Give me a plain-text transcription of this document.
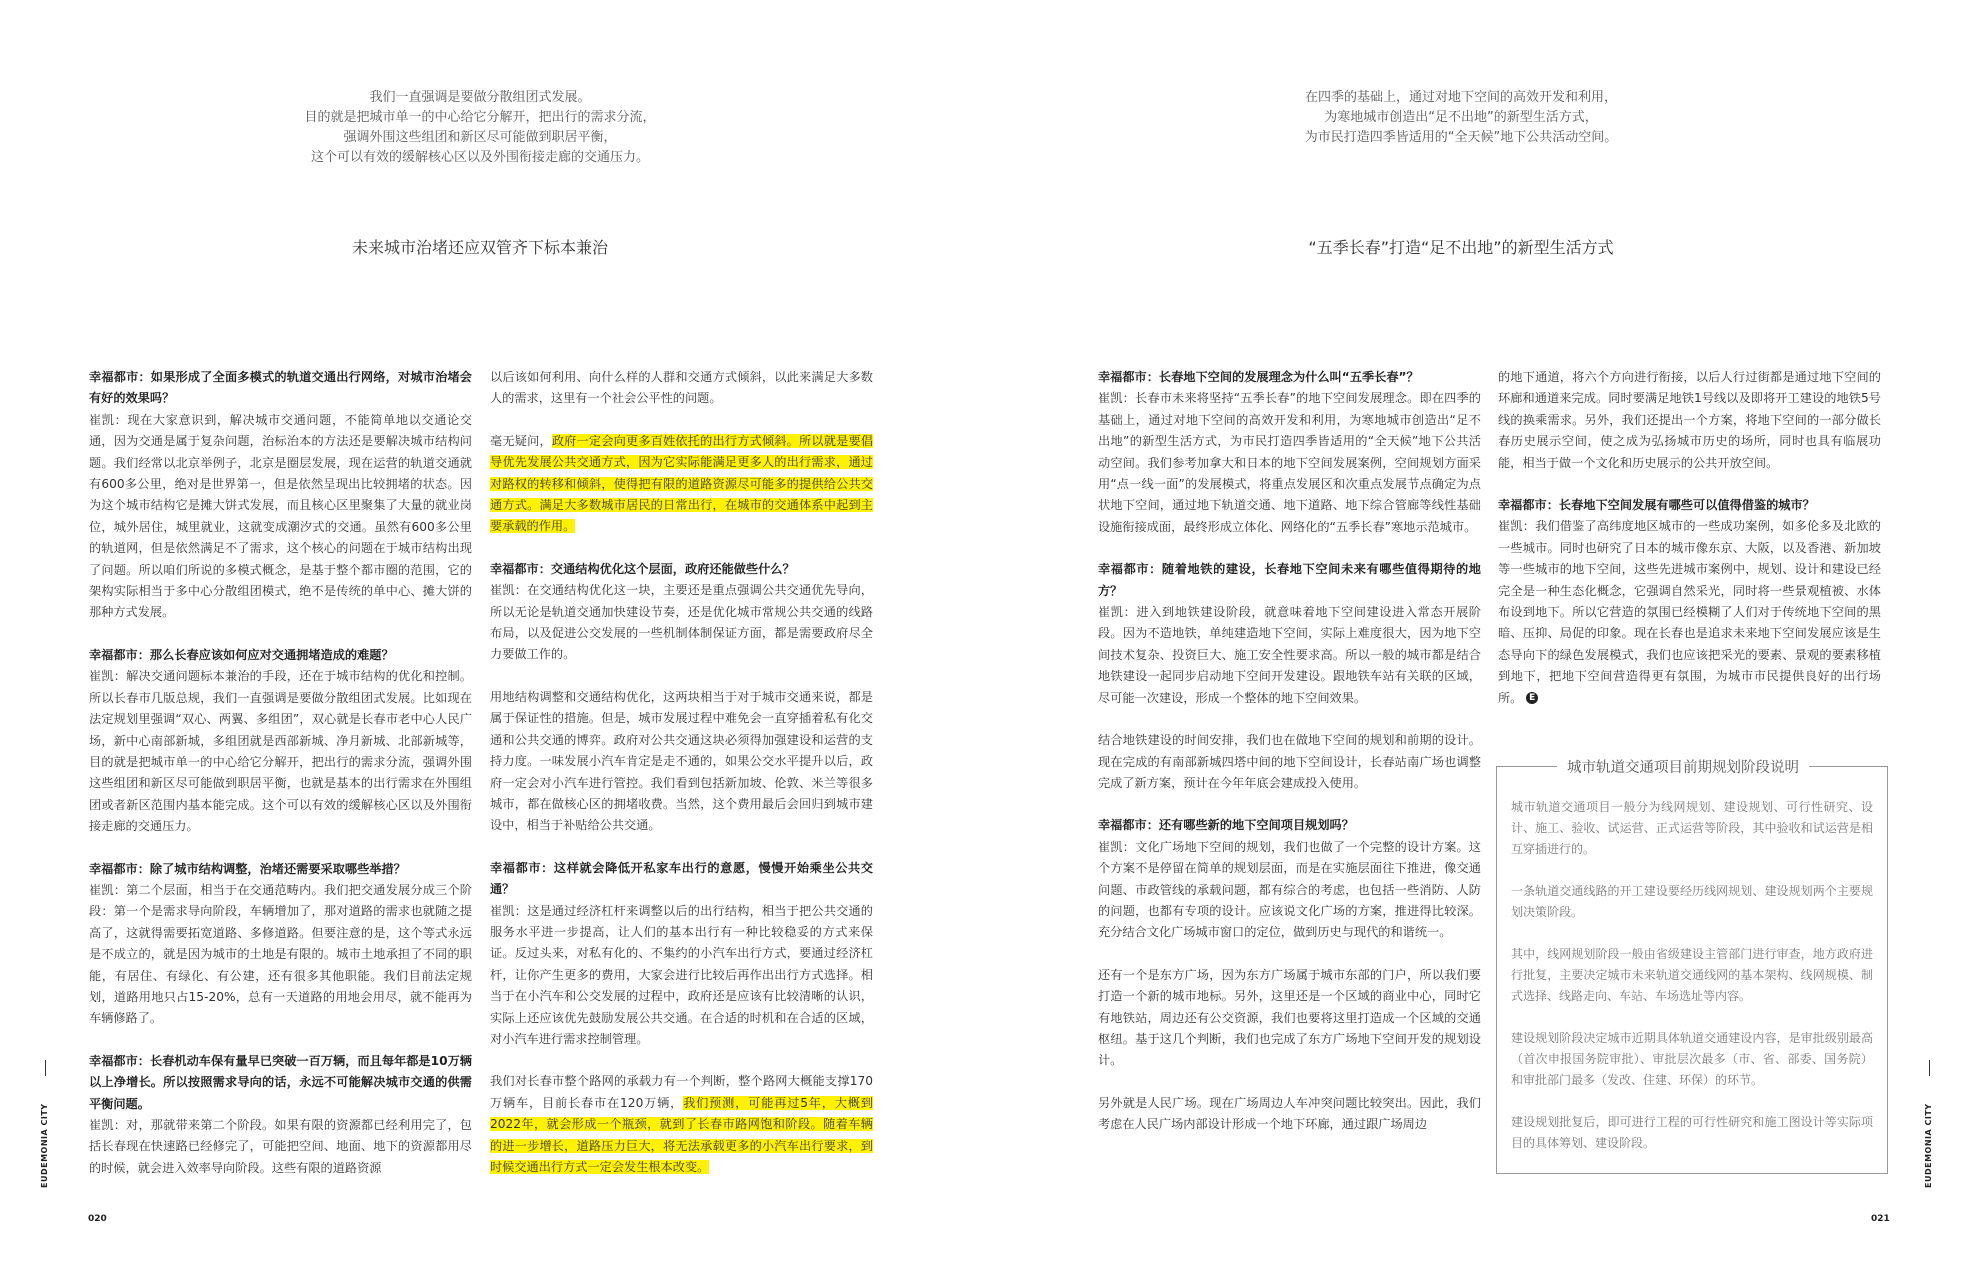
我们一直强调是要做分散组团式发展。

目的就是把城市单一的中心给它分解开，把出行的需求分流，

强调外围这些组团和新区尽可能做到职居平衡，

这个可以有效的缓解核心区以及外围衔接走廊的交通压力。

未来城市治堵还应双管齐下标本兼治

幸福都市：如果形成了全面多模式的轨道交通出行网络，对城市治堵会有好的效果吗？
崔凯：现在大家意识到，解决城市交通问题，不能简单地以交通论交通，因为交通是属于复杂问题，治标治本的方法还是要解决城市结构问题。我们经常以北京举例子，北京是圈层发展，现在运营的轨道交通就有600多公里，绝对是世界第一，但是依然呈现出比较拥堵的状态。因为这个城市结构它是摊大饼式发展，而且核心区里聚集了大量的就业岗位，城外居住，城里就业，这就变成潮汐式的交通。虽然有600多公里的轨道网，但是依然满足不了需求，这个核心的问题在于城市结构出现了问题。所以咱们所说的多模式概念，是基于整个都市圈的范围，它的架构实际相当于多中心分散组团模式，绝不是传统的单中心、摊大饼的那种方式发展。

幸福都市：那么长春应该如何应对交通拥堵造成的难题？
崔凯：解决交通问题标本兼治的手段，还在于城市结构的优化和控制。所以长春市几版总规，我们一直强调是要做分散组团式发展。比如现在法定规划里强调“双心、两翼、多组团”，双心就是长春市老中心人民广场，新中心南部新城，多组团就是西部新城、净月新城、北部新城等，目的就是把城市单一的中心给它分解开，把出行的需求分流，强调外围这些组团和新区尽可能做到职居平衡，也就是基本的出行需求在外围组团或者新区范围内基本能完成。这个可以有效的缓解核心区以及外围衔接走廊的交通压力。

幸福都市：除了城市结构调整，治堵还需要采取哪些举措？
崔凯：第二个层面，相当于在交通范畴内。我们把交通发展分成三个阶段：第一个是需求导向阶段，车辆增加了，那对道路的需求也就随之提高了，这就得需要拓宽道路、多修道路。但要注意的是，这个等式永远是不成立的，就是因为城市的土地是有限的。城市土地承担了不同的职能，有居住、有绿化、有公建，还有很多其他职能。我们目前法定规划，道路用地只占15-20%，总有一天道路的用地会用尽，就不能再为车辆修路了。

幸福都市：长春机动车保有量早已突破一百万辆，而且每年都是10万辆以上净增长。所以按照需求导向的话，永远不可能解决城市交通的供需平衡问题。
崔凯：对，那就带来第二个阶段。如果有限的资源都已经利用完了，包括长春现在快速路已经修完了，可能把空间、地面、地下的资源都用尽的时候，就会进入效率导向阶段。这些有限的道路资源

以后该如何利用、向什么样的人群和交通方式倾斜，以此来满足大多数人的需求，这里有一个社会公平性的问题。

毫无疑问，政府一定会向更多百姓依托的出行方式倾斜。所以就是要倡导优先发展公共交通方式，因为它实际能满足更多人的出行需求，通过对路权的转移和倾斜，使得把有限的道路资源尽可能多的提供给公共交通方式。满足大多数城市居民的日常出行，在城市的交通体系中起到主要承载的作用。

幸福都市：交通结构优化这个层面，政府还能做些什么？
崔凯：在交通结构优化这一块，主要还是重点强调公共交通优先导向，所以无论是轨道交通加快建设节奏，还是优化城市常规公共交通的线路布局，以及促进公交发展的一些机制体制保证方面，都是需要政府尽全力要做工作的。

用地结构调整和交通结构优化，这两块相当于对于城市交通来说，都是属于保证性的措施。但是，城市发展过程中难免会一直穿插着私有化交通和公共交通的博弈。政府对公共交通这块必须得加强建设和运营的支持力度。一味发展小汽车肯定是走不通的，如果公交水平提升以后，政府一定会对小汽车进行管控。我们看到包括新加坡、伦敦、米兰等很多城市，都在做核心区的拥堵收费。当然，这个费用最后会回归到城市建设中，相当于补贴给公共交通。

幸福都市：这样就会降低开私家车出行的意愿，慢慢开始乘坐公共交通？
崔凯：这是通过经济杠杆来调整以后的出行结构，相当于把公共交通的服务水平进一步提高，让人们的基本出行有一种比较稳妥的方式来保证。反过头来，对私有化的、不集约的小汽车出行方式，要通过经济杠杆，让你产生更多的费用，大家会进行比较后再作出出行方式选择。相当于在小汽车和公交发展的过程中，政府还是应该有比较清晰的认识，实际上还应该优先鼓励发展公共交通。在合适的时机和在合适的区域，对小汽车进行需求控制管理。

我们对长春市整个路网的承载力有一个判断，整个路网大概能支撑170万辆车，目前长春市在120万辆，我们预测，可能再过5年，大概到2022年，就会形成一个瓶颈，就到了长春市路网饱和阶段。随着车辆的进一步增长，道路压力巨大，将无法承载更多的小汽车出行要求，到时候交通出行方式一定会发生根本改变。

EUDEMONIA CITY
020

在四季的基础上，通过对地下空间的高效开发和利用，

为寒地城市创造出“足不出地”的新型生活方式，

为市民打造四季皆适用的“全天候”地下公共活动空间。

“五季长春”打造“足不出地”的新型生活方式

幸福都市：长春地下空间的发展理念为什么叫“五季长春”？
崔凯：长春市未来将坚持“五季长春”的地下空间发展理念。即在四季的基础上，通过对地下空间的高效开发和利用，为寒地城市创造出“足不出地”的新型生活方式，为市民打造四季皆适用的“全天候”地下公共活动空间。我们参考加拿大和日本的地下空间发展案例，空间规划方面采用“点一线一面”的发展模式，将重点发展区和次重点发展节点确定为点状地下空间，通过地下轨道交通、地下道路、地下综合管廊等线性基础设施衔接成面，最终形成立体化、网络化的“五季长春”寒地示范城市。

幸福都市：随着地铁的建设，长春地下空间未来有哪些值得期待的地方？
崔凯：进入到地铁建设阶段，就意味着地下空间建设进入常态开展阶段。因为不造地铁，单纯建造地下空间，实际上难度很大，因为地下空间技术复杂、投资巨大、施工安全性要求高。所以一般的城市都是结合地铁建设一起同步启动地下空间开发建设。跟地铁车站有关联的区域，尽可能一次建设，形成一个整体的地下空间效果。

结合地铁建设的时间安排，我们也在做地下空间的规划和前期的设计。现在完成的有南部新城四塔中间的地下空间设计，长春站南广场也调整完成了新方案，预计在今年年底会建成投入使用。

幸福都市：还有哪些新的地下空间项目规划吗？
崔凯：文化广场地下空间的规划，我们也做了一个完整的设计方案。这个方案不是停留在简单的规划层面，而是在实施层面往下推进，像交通问题、市政管线的承载问题，都有综合的考虑，也包括一些消防、人防的问题，也都有专项的设计。应该说文化广场的方案，推进得比较深。充分结合文化广场城市窗口的定位，做到历史与现代的和谐统一。

还有一个是东方广场，因为东方广场属于城市东部的门户，所以我们要打造一个新的城市地标。另外，这里还是一个区域的商业中心，同时它有地铁站，周边还有公交资源，我们也要将这里打造成一个区域的交通枢纽。基于这几个判断，我们也完成了东方广场地下空间开发的规划设计。

另外就是人民广场。现在广场周边人车冲突问题比较突出。因此，我们考虑在人民广场内部设计形成一个地下环廊，通过跟广场周边

的地下通道，将六个方向进行衔接，以后人行过街都是通过地下空间的环廊和通道来完成。同时要满足地铁1号线以及即将开工建设的地铁5号线的换乘需求。另外，我们还提出一个方案，将地下空间的一部分做长春历史展示空间，使之成为弘扬城市历史的场所，同时也具有临展功能，相当于做一个文化和历史展示的公共开放空间。

幸福都市：长春地下空间发展有哪些可以值得借鉴的城市？
崔凯：我们借鉴了高纬度地区城市的一些成功案例，如多伦多及北欧的一些城市。同时也研究了日本的城市像东京、大阪，以及香港、新加坡等一些城市的地下空间，这些先进城市案例中，规划、设计和建设已经完全是一种生态化概念，它强调自然采光，同时将一些景观植被、水体布设到地下。所以它营造的氛围已经模糊了人们对于传统地下空间的黑暗、压抑、局促的印象。现在长春也是追求未来地下空间发展应该是生态导向下的绿色发展模式，我们也应该把采光的要素、景观的要素移植到地下，把地下空间营造得更有氛围，为城市市民提供良好的出行场所。 E

EUDEMONIA CITY
021
城市轨道交通项目前期规划阶段说明

城市轨道交通项目一般分为线网规划、建设规划、可行性研究、设计、施工、验收、试运营、正式运营等阶段，其中验收和试运营是相互穿插进行的。

一条轨道交通线路的开工建设要经历线网规划、建设规划两个主要规划决策阶段。

其中，线网规划阶段一般由省级建设主管部门进行审查，地方政府进行批复，主要决定城市未来轨道交通线网的基本架构、线网规模、制式选择、线路走向、车站、车场选址等内容。

建设规划阶段决定城市近期具体轨道交通建设内容，是审批级别最高（首次申报国务院审批）、审批层次最多（市、省、部委、国务院）和审批部门最多（发改、住建、环保）的环节。

建设规划批复后，即可进行工程的可行性研究和施工图设计等实际项目的具体筹划、建设阶段。
